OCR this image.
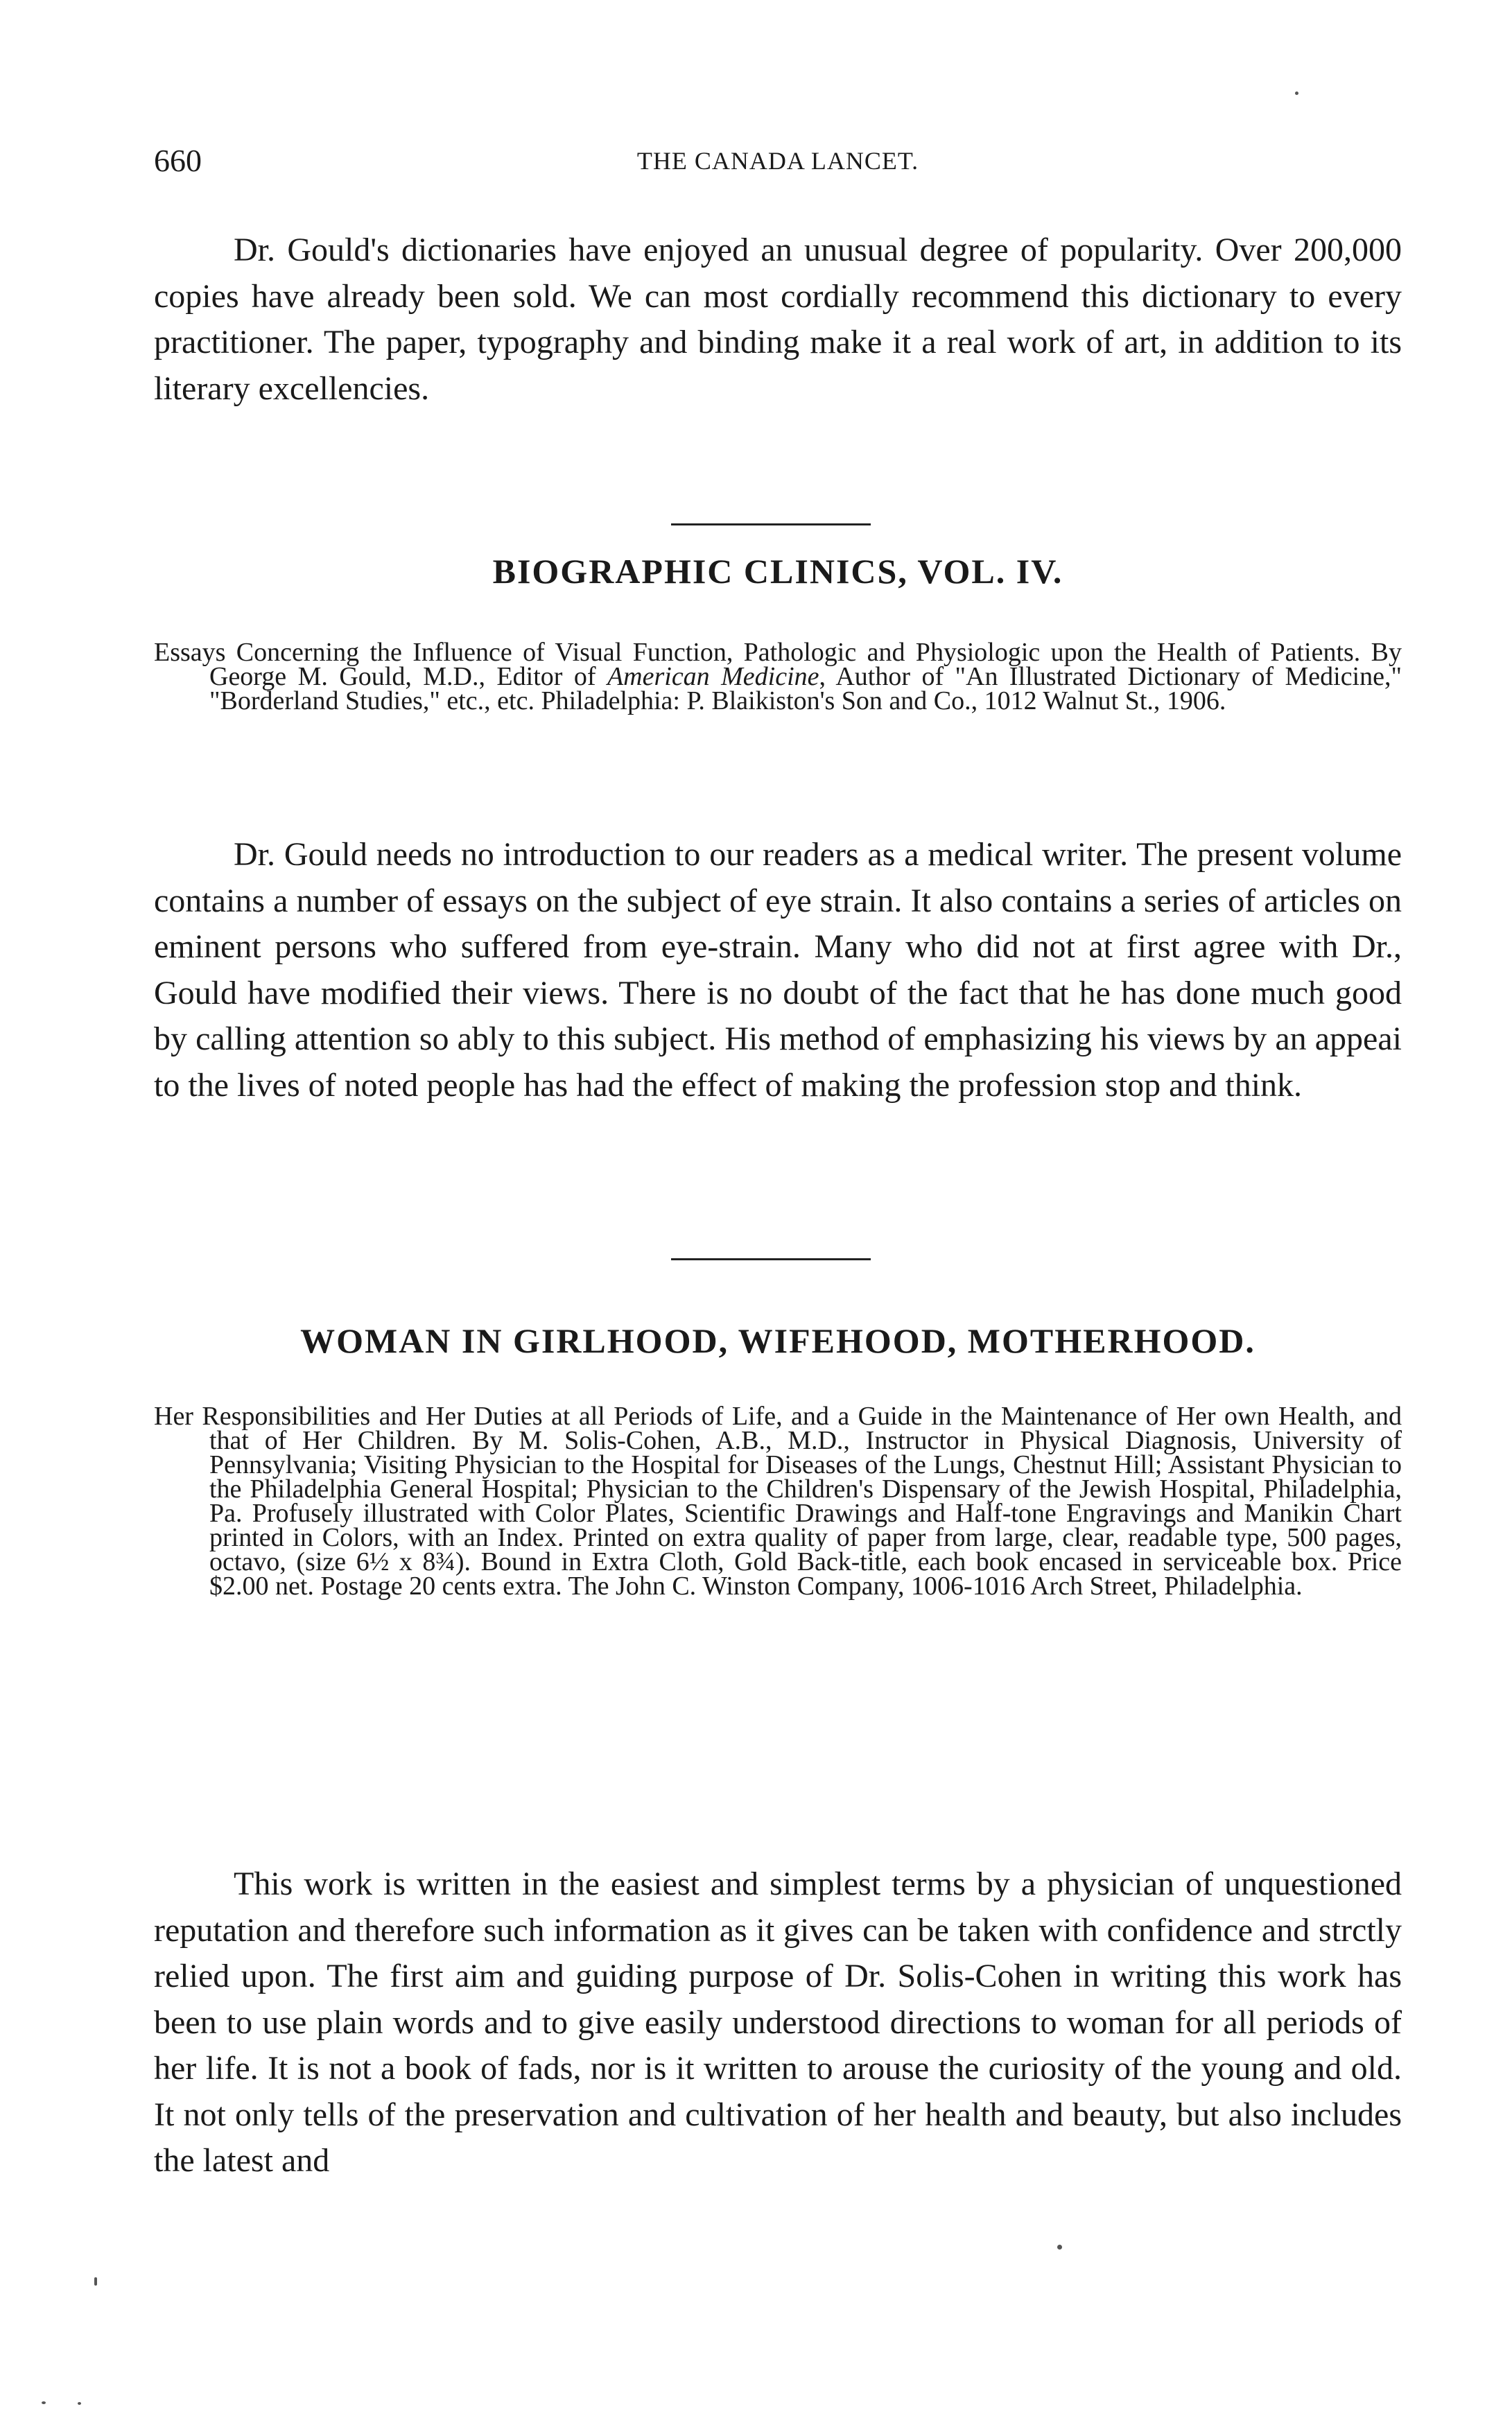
660	THE CANADA LANCET.

Dr. Gould's dictionaries have enjoyed an unusual degree of popularity. Over 200,000 copies have already been sold. We can most cordially recommend this dictionary to every practitioner. The paper, typography and binding make it a real work of art, in addition to its literary excellencies.

BIOGRAPHIC CLINICS, VOL. IV.

Essays Concerning the Influence of Visual Function, Pathologic and Physiologic upon the Health of Patients. By George M. Gould, M.D., Editor of American Medicine, Author of "An Illustrated Dictionary of Medicine," "Borderland Studies," etc., etc. Philadelphia: P. Blaikiston's Son and Co., 1012 Walnut St., 1906.

Dr. Gould needs no introduction to our readers as a medical writer. The present volume contains a number of essays on the subject of eye strain. It also contains a series of articles on eminent persons who suffered from eye-strain. Many who did not at first agree with Dr., Gould have modified their views. There is no doubt of the fact that he has done much good by calling attention so ably to this subject. His method of emphasizing his views by an appeai to the lives of noted people has had the effect of making the profession stop and think.

WOMAN IN GIRLHOOD, WIFEHOOD, MOTHERHOOD.

Her Responsibilities and Her Duties at all Periods of Life, and a Guide in the Maintenance of Her own Health, and that of Her Children. By M. Solis-Cohen, A.B., M.D., Instructor in Physical Diagnosis, University of Pennsylvania; Visiting Physician to the Hospital for Diseases of the Lungs, Chestnut Hill; Assistant Physician to the Philadelphia General Hospital; Physician to the Children's Dispensary of the Jewish Hospital, Philadelphia, Pa. Profusely illustrated with Color Plates, Scientific Drawings and Half-tone Engravings and Manikin Chart printed in Colors, with an Index. Printed on extra quality of paper from large, clear, readable type, 500 pages, octavo, (size 6½ x 8¾). Bound in Extra Cloth, Gold Back-title, each book encased in serviceable box. Price $2.00 net. Postage 20 cents extra. The John C. Winston Company, 1006-1016 Arch Street, Philadelphia.

This work is written in the easiest and simplest terms by a physician of unquestioned reputation and therefore such information as it gives can be taken with confidence and strctly relied upon. The first aim and guiding purpose of Dr. Solis-Cohen in writing this work has been to use plain words and to give easily understood directions to woman for all periods of her life. It is not a book of fads, nor is it written to arouse the curiosity of the young and old. It not only tells of the preservation and cultivation of her health and beauty, but also includes the latest and
